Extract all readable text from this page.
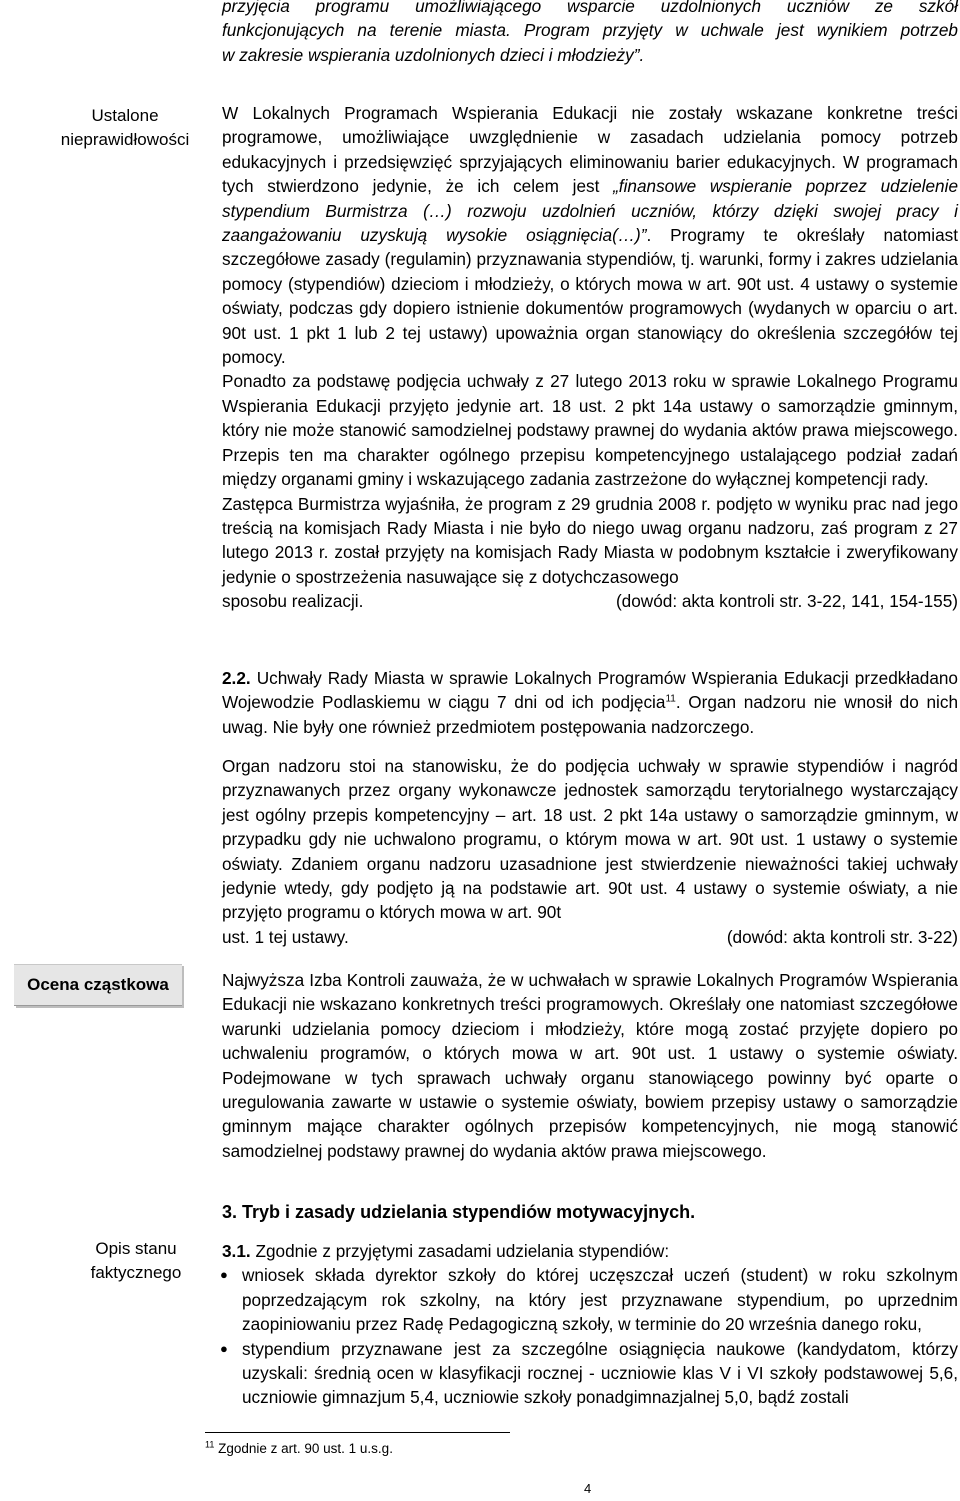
przyjęcia programu umożliwiającego wsparcie uzdolnionych uczniów ze szkół

funkcjonujących na terenie miasta. Program przyjęty w uchwale jest wynikiem potrzeb

w zakresie wspierania uzdolnionych dzieci i młodzieży”.

Ustalone nieprawidłowości
Ocena cząstkowa
Opis stanu faktycznego

W Lokalnych Programach Wspierania Edukacji nie zostały wskazane konkretne treści programowe, umożliwiające uwzględnienie w zasadach udzielania pomocy potrzeb edukacyjnych i przedsięwzięć sprzyjających eliminowaniu barier edukacyjnych. W programach tych stwierdzono jedynie, że ich celem jest „finansowe wspieranie poprzez udzielenie stypendium Burmistrza (…) rozwoju uzdolnień uczniów, którzy dzięki swojej pracy i zaangażowaniu uzyskują wysokie osiągnięcia(…)”. Programy te określały natomiast szczegółowe zasady (regulamin) przyznawania stypendiów, tj. warunki, formy i zakres udzielania pomocy (stypendiów) dzieciom i młodzieży, o których mowa w art. 90t ust. 4 ustawy o systemie oświaty, podczas gdy dopiero istnienie dokumentów programowych (wydanych w oparciu o art. 90t ust. 1 pkt 1 lub 2 tej ustawy) upoważnia organ stanowiący do określenia szczegółów tej pomocy.

Ponadto za podstawę podjęcia uchwały z 27 lutego 2013 roku w sprawie Lokalnego Programu Wspierania Edukacji przyjęto jedynie art. 18 ust. 2 pkt 14a ustawy o samorządzie gminnym, który nie może stanowić samodzielnej podstawy prawnej do wydania aktów prawa miejscowego. Przepis ten ma charakter ogólnego przepisu kompetencyjnego ustalającego podział zadań między organami gminy i wskazującego zadania zastrzeżone do wyłącznej kompetencji rady.

Zastępca Burmistrza wyjaśniła, że program z 29 grudnia 2008 r. podjęto w wyniku prac nad jego treścią na komisjach Rady Miasta i nie było do niego uwag organu nadzoru, zaś program z 27 lutego 2013 r. został przyjęty na komisjach Rady Miasta w podobnym kształcie i zweryfikowany jedynie o spostrzeżenia nasuwające się z dotychczasowego

sposobu realizacji.	(dowód: akta kontroli str. 3-22, 141, 154-155)

2.2. Uchwały Rady Miasta w sprawie Lokalnych Programów Wspierania Edukacji przedkładano Wojewodzie Podlaskiemu w ciągu 7 dni od ich podjęcia$^{11}$. Organ nadzoru nie wnosił do nich uwag. Nie były one również przedmiotem postępowania nadzorczego.

Organ nadzoru stoi na stanowisku, że do podjęcia uchwały w sprawie stypendiów i nagród przyznawanych przez organy wykonawcze jednostek samorządu terytorialnego wystarczający jest ogólny przepis kompetencyjny – art. 18 ust. 2 pkt 14a ustawy o samorządzie gminnym, w przypadku gdy nie uchwalono programu, o którym mowa w art. 90t ust. 1 ustawy o systemie oświaty. Zdaniem organu nadzoru uzasadnione jest stwierdzenie nieważności takiej uchwały jedynie wtedy, gdy podjęto ją na podstawie art. 90t ust. 4 ustawy o systemie oświaty, a nie przyjęto programu o których mowa w art. 90t

ust. 1 tej ustawy.	(dowód: akta kontroli str. 3-22)

Najwyższa Izba Kontroli zauważa, że w uchwałach w sprawie Lokalnych Programów Wspierania Edukacji nie wskazano konkretnych treści programowych. Określały one natomiast szczegółowe warunki udzielania pomocy dzieciom i młodzieży, które mogą zostać przyjęte dopiero po uchwaleniu programów, o których mowa w art. 90t ust. 1 ustawy o systemie oświaty. Podejmowane w tych sprawach uchwały organu stanowiącego powinny być oparte o uregulowania zawarte w ustawie o systemie oświaty, bowiem przepisy ustawy o samorządzie gminnym mające charakter ogólnych przepisów kompetencyjnych, nie mogą stanowić samodzielnej podstawy prawnej do wydania aktów prawa miejscowego.

3. Tryb i zasady udzielania stypendiów motywacyjnych.

3.1. Zgodnie z przyjętymi zasadami udzielania stypendiów:

● wniosek składa dyrektor szkoły do której uczęszczał uczeń (student) w roku szkolnym poprzedzającym rok szkolny, na który jest przyznawane stypendium, po uprzednim zaopiniowaniu przez Radę Pedagogiczną szkoły, w terminie do 20 września danego roku,
● stypendium przyznawane jest za szczególne osiągnięcia naukowe (kandydatom, którzy uzyskali: średnią ocen w klasyfikacji rocznej - uczniowie klas V i VI szkoły podstawowej 5,6, uczniowie gimnazjum 5,4, uczniowie szkoły ponadgimnazjalnej 5,0, bądź zostali
$^{11}$ Zgodnie z art. 90 ust. 1 u.s.g.
4
